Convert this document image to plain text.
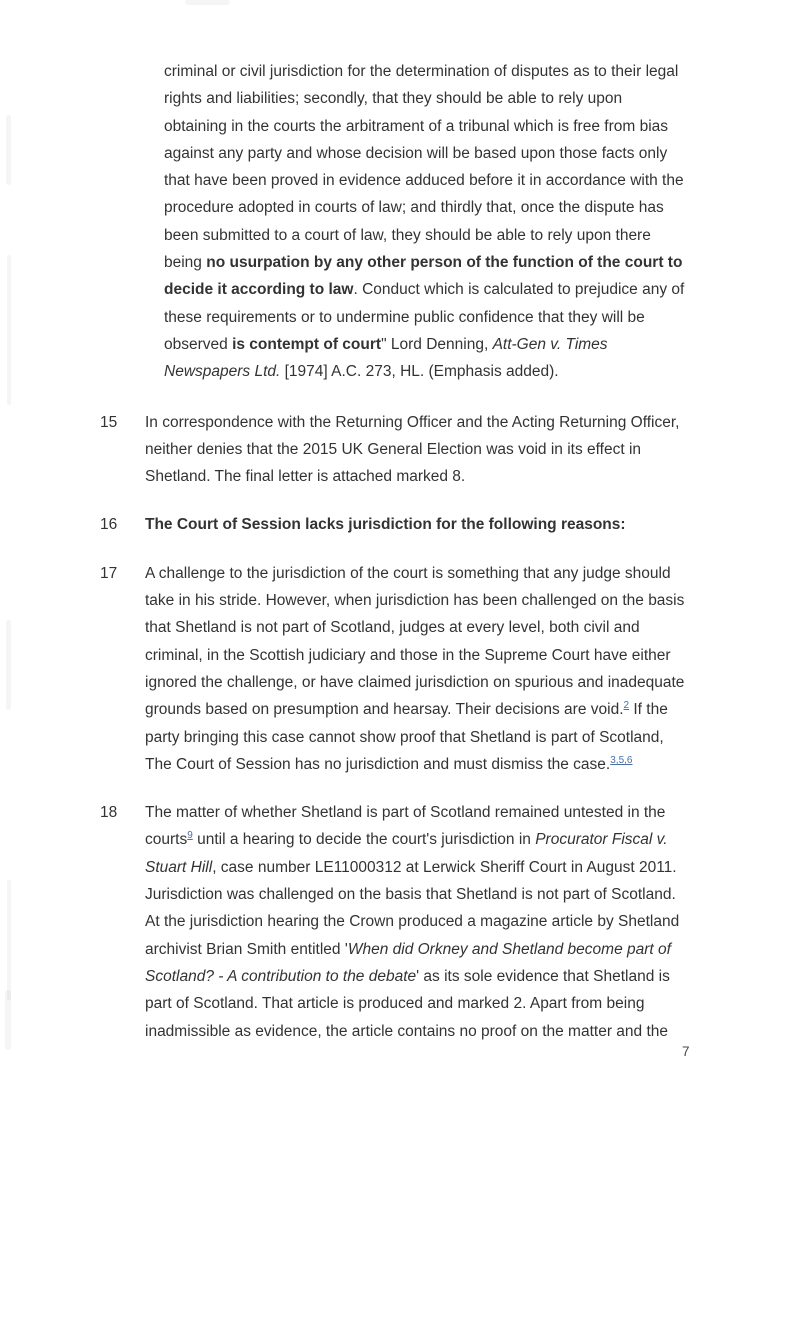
criminal or civil jurisdiction for the determination of disputes as to their legal rights and liabilities; secondly, that they should be able to rely upon obtaining in the courts the arbitrament of a tribunal which is free from bias against any party and whose decision will be based upon those facts only that have been proved in evidence adduced before it in accordance with the procedure adopted in courts of law; and thirdly that, once the dispute has been submitted to a court of law, they should be able to rely upon there being no usurpation by any other person of the function of the court to decide it according to law. Conduct which is calculated to prejudice any of these requirements or to undermine public confidence that they will be observed is contempt of court" Lord Denning, Att-Gen v. Times Newspapers Ltd. [1974] A.C. 273, HL. (Emphasis added).
15	In correspondence with the Returning Officer and the Acting Returning Officer, neither denies that the 2015 UK General Election was void in its effect in Shetland. The final letter is attached marked 8.
16	The Court of Session lacks jurisdiction for the following reasons:
17	A challenge to the jurisdiction of the court is something that any judge should take in his stride. However, when jurisdiction has been challenged on the basis that Shetland is not part of Scotland, judges at every level, both civil and criminal, in the Scottish judiciary and those in the Supreme Court have either ignored the challenge, or have claimed jurisdiction on spurious and inadequate grounds based on presumption and hearsay. Their decisions are void.$^2$ If the party bringing this case cannot show proof that Shetland is part of Scotland, The Court of Session has no jurisdiction and must dismiss the case.$^{3,5,6}$
18	The matter of whether Shetland is part of Scotland remained untested in the courts$^9$ until a hearing to decide the court's jurisdiction in Procurator Fiscal v. Stuart Hill, case number LE11000312 at Lerwick Sheriff Court in August 2011. Jurisdiction was challenged on the basis that Shetland is not part of Scotland. At the jurisdiction hearing the Crown produced a magazine article by Shetland archivist Brian Smith entitled 'When did Orkney and Shetland become part of Scotland? - A contribution to the debate' as its sole evidence that Shetland is part of Scotland. That article is produced and marked 2. Apart from being inadmissible as evidence, the article contains no proof on the matter and the
7
